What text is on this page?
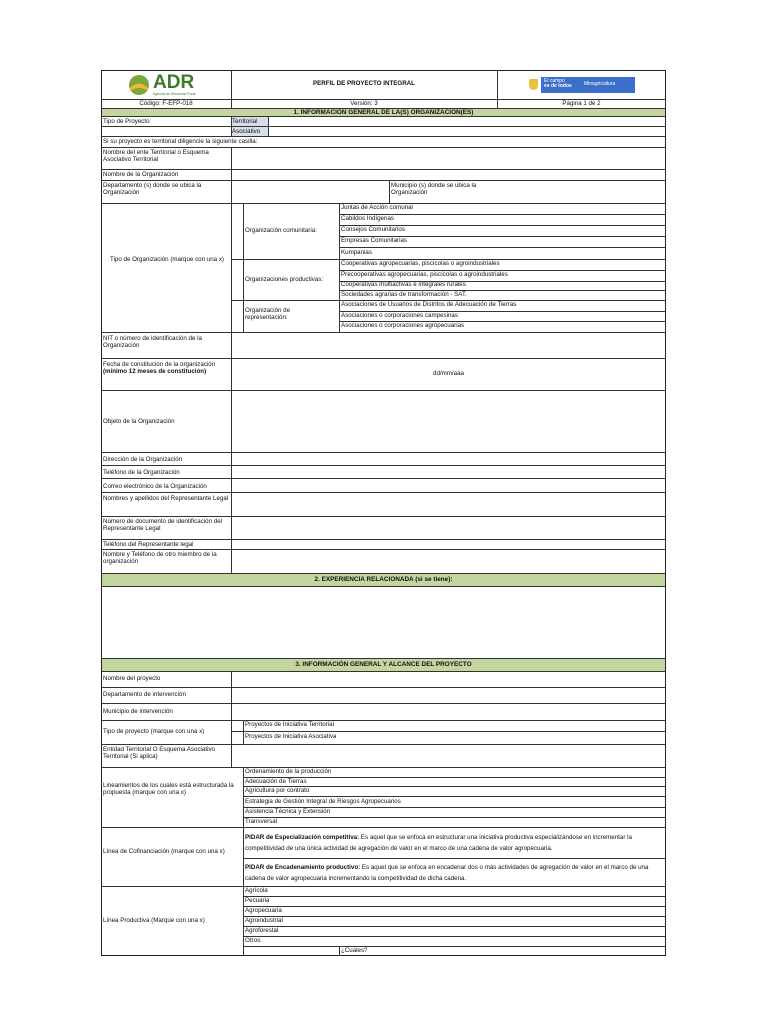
ADR
Agencia de Desarrollo Rural
PERFIL DE PROYECTO INTEGRAL	El campo
es de todos Minagricultura
Código: F-EFP-018	Versión: 3	Página 1 de 2
1. INFORMACIÓN GENERAL DE LA(S) ORGANIZACIÓN(ES)
Tipo de Proyecto	Territorial
Asociativo
Si su proyecto es territorial diligencie la siguiente casilla:
Nombre del ente Territorial o Esquema Asociativo Territorial
Nombre de la Organización
Departamento (s) donde se ubica la Organización
Municipio (s) donde se ubica la Organización
Tipo de Organización (marque con una x)
Organización comunitaria:
Juntas de Acción comunal
Cabildos Indígenas
Consejos Comunitarios
Empresas Comunitarias
Kumpanias
Organizaciones productivas:
Cooperativas agropecuarias, piscícolas o agroindustriales
Precooperativas agropecuarias, piscícolas o agroindustriales
Cooperativas multiactivas e integrales rurales
Sociedades agrarias de transformación - SAT.
Organización de representación:
Asociaciones de Usuarios de Distritos de Adecuación de Tierras
Asociaciones o corporaciones campesinas
Asociaciones o corporaciones agropecuarias
NIT o número de identificación de la Organización
Fecha de constitución de la organización (mínimo 12 meses de constitución)	dd/mm/aaa
Objeto de la Organización
Dirección de la Organización
Teléfono de la Organización
Correo electrónico de la Organización
Nombres y apellidos del Representante Legal
Número de documento de identificación del Representante Legal
Teléfono del Representante legal
Nombre y Teléfono de otro miembro de la organización
2. EXPERIENCIA RELACIONADA (si se tiene):
3. INFORMACIÓN GENERAL Y ALCANCE DEL PROYECTO
Nombre del proyecto
Departamento de intervención
Municipio de intervención
Tipo de proyecto (marque con una x)
Proyectos de Iniciativa Territorial
Proyectos de Iniciativa Asociativa
Entidad Territorial O Esquema Asociativo Territorial (Si aplica)
Lineamientos de los cuales está estructurada la propuesta (marque con una x)
Ordenamiento de la producción
Adecuación de Tierras
Agricultura por contrato
Estrategia de Gestión Integral de Riesgos Agropecuarios
Asistencia Técnica y Extensión
Transversal
Línea de Cofinanciación (marque con una x)
PIDAR de Especialización competitiva: Es aquel que se enfoca en estructurar una iniciativa productiva especializándose en incrementar la competitividad de una única actividad de agregación de valor en el marco de una cadena de valor agropecuaria.
PIDAR de Encadenamiento productivo: Es aquel que se enfoca en encadenar dos o más actividades de agregación de valor en el marco de una cadena de valor agropecuaria incrementando la competitividad de dicha cadena.
Línea Productiva (Marque con una x)
Agrícola
Pecuaria
Agropecuaria
Agroindustrial
Agroforestal
Otros:
¿Cuales?
